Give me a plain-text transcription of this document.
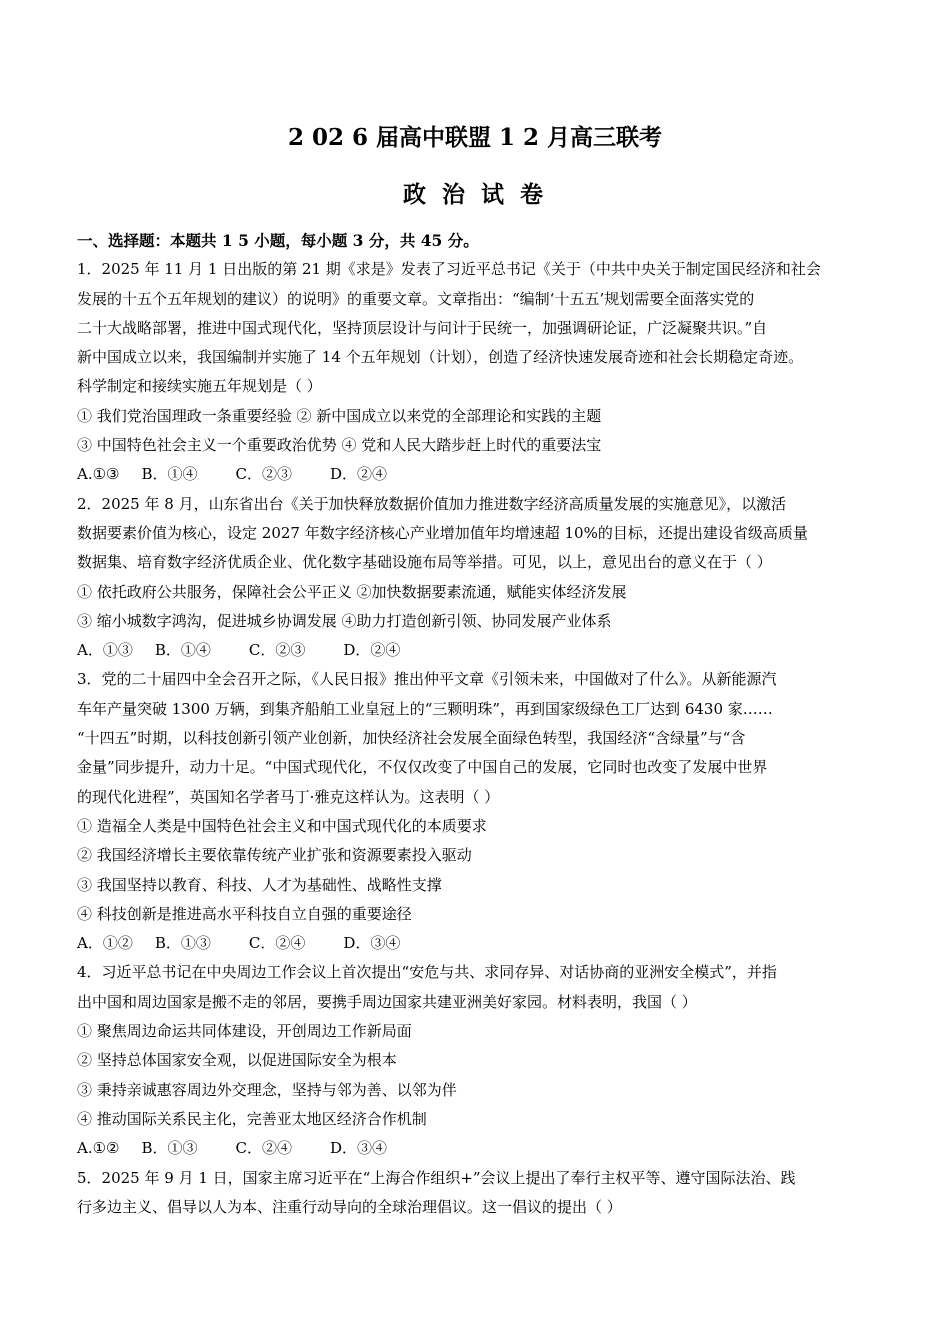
2 02 6 届高中联盟 1 2 月高三联考
政 治 试 卷
一、选择题：本题共 1 5 小题，每小题 3 分，共 45 分。
1．2025 年 11 月 1 日出版的第 21 期《求是》发表了习近平总书记《关于（中共中央关于制定国民经济和社会
发展的十五个五年规划的建议）的说明》的重要文章。文章指出：“编制‘十五五’规划需要全面落实党的
二十大战略部署，推进中国式现代化，坚持顶层设计与问计于民统一，加强调研论证，广泛凝聚共识。”自
新中国成立以来，我国编制并实施了 14 个五年规划（计划），创造了经济快速发展奇迹和社会长期稳定奇迹。
科学制定和接续实施五年规划是（ ）
① 我们党治国理政一条重要经验 ② 新中国成立以来党的全部理论和实践的主题
③ 中国特色社会主义一个重要政治优势 ④ 党和人民大踏步赶上时代的重要法宝
A.①③ B．①④	C．②③	D．②④
2．2025 年 8 月，山东省出台《关于加快释放数据价值加力推进数字经济高质量发展的实施意见》，以激活
数据要素价值为核心，设定 2027 年数字经济核心产业增加值年均增速超 10%的目标，还提出建设省级高质量
数据集、培育数字经济优质企业、优化数字基础设施布局等举措。可见，以上，意见出台的意义在于（ ）
① 依托政府公共服务，保障社会公平正义 ②加快数据要素流通，赋能实体经济发展
③ 缩小城数字鸿沟，促进城乡协调发展 ④助力打造创新引领、协同发展产业体系
A．①③ B．①④	C．②③	D．②④
3．党的二十届四中全会召开之际，《人民日报》推出仲平文章《引领未来，中国做对了什么》。从新能源汽
车年产量突破 1300 万辆，到集齐船舶工业皇冠上的“三颗明珠”，再到国家级绿色工厂达到 6430 家……
“十四五”时期，以科技创新引领产业创新，加快经济社会发展全面绿色转型，我国经济“含绿量”与“含
金量”同步提升，动力十足。“中国式现代化，不仅仅改变了中国自己的发展，它同时也改变了发展中世界
的现代化进程”，英国知名学者马丁·雅克这样认为。这表明（ ）
① 造福全人类是中国特色社会主义和中国式现代化的本质要求
② 我国经济增长主要依靠传统产业扩张和资源要素投入驱动
③ 我国坚持以教育、科技、人才为基础性、战略性支撑
④ 科技创新是推进高水平科技自立自强的重要途径
A．①② B．①③	C．②④	D．③④
4．习近平总书记在中央周边工作会议上首次提出“安危与共、求同存异、对话协商的亚洲安全模式”，并指
出中国和周边国家是搬不走的邻居，要携手周边国家共建亚洲美好家园。材料表明，我国（ ）
① 聚焦周边命运共同体建设，开创周边工作新局面
② 坚持总体国家安全观，以促进国际安全为根本
③ 秉持亲诚惠容周边外交理念，坚持与邻为善、以邻为伴
④ 推动国际关系民主化，完善亚太地区经济合作机制
A.①② B．①③	C．②④	D．③④
5．2025 年 9 月 1 日，国家主席习近平在“上海合作组织+”会议上提出了奉行主权平等、遵守国际法治、践
行多边主义、倡导以人为本、注重行动导向的全球治理倡议。这一倡议的提出（ ）
